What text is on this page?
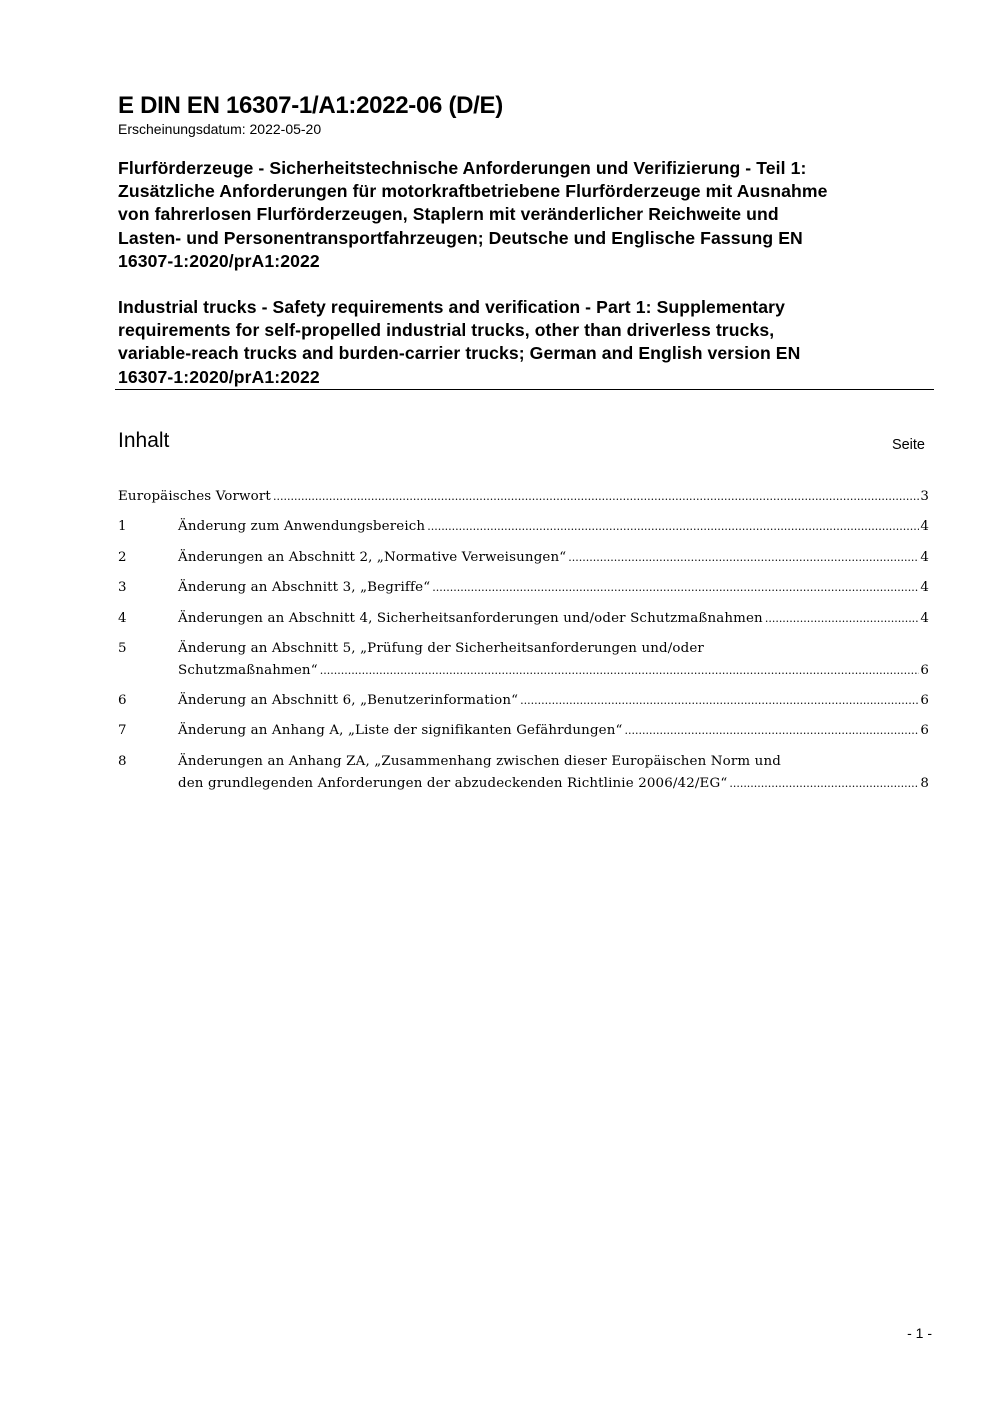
E DIN EN 16307-1/A1:2022-06 (D/E)
Erscheinungsdatum: 2022-05-20
Flurförderzeuge - Sicherheitstechnische Anforderungen und Verifizierung - Teil 1:
Zusätzliche Anforderungen für motorkraftbetriebene Flurförderzeuge mit Ausnahme
von fahrerlosen Flurförderzeugen, Staplern mit veränderlicher Reichweite und
Lasten- und Personentransportfahrzeugen; Deutsche und Englische Fassung EN
16307-1:2020/prA1:2022
Industrial trucks - Safety requirements and verification - Part 1: Supplementary
requirements for self-propelled industrial trucks, other than driverless trucks,
variable-reach trucks and burden-carrier trucks; German and English version EN
16307-1:2020/prA1:2022
Inhalt	Seite
Europäisches Vorwort .....	3
1	Änderung zum Anwendungsbereich .....	4
2	Änderungen an Abschnitt 2, „Normative Verweisungen“ .....	4
3	Änderung an Abschnitt 3, „Begriffe“ .....	4
4	Änderungen an Abschnitt 4, Sicherheitsanforderungen und/oder Schutzmaßnahmen .....	4
5	Änderung an Abschnitt 5, „Prüfung der Sicherheitsanforderungen und/oder
Schutzmaßnahmen“ .....	6
6	Änderung an Abschnitt 6, „Benutzerinformation“ .....	6
7	Änderung an Anhang A, „Liste der signifikanten Gefährdungen“ .....	6
8	Änderungen an Anhang ZA, „Zusammenhang zwischen dieser Europäischen Norm und
den grundlegenden Anforderungen der abzudeckenden Richtlinie 2006/42/EG“ .....	8
- 1 -
